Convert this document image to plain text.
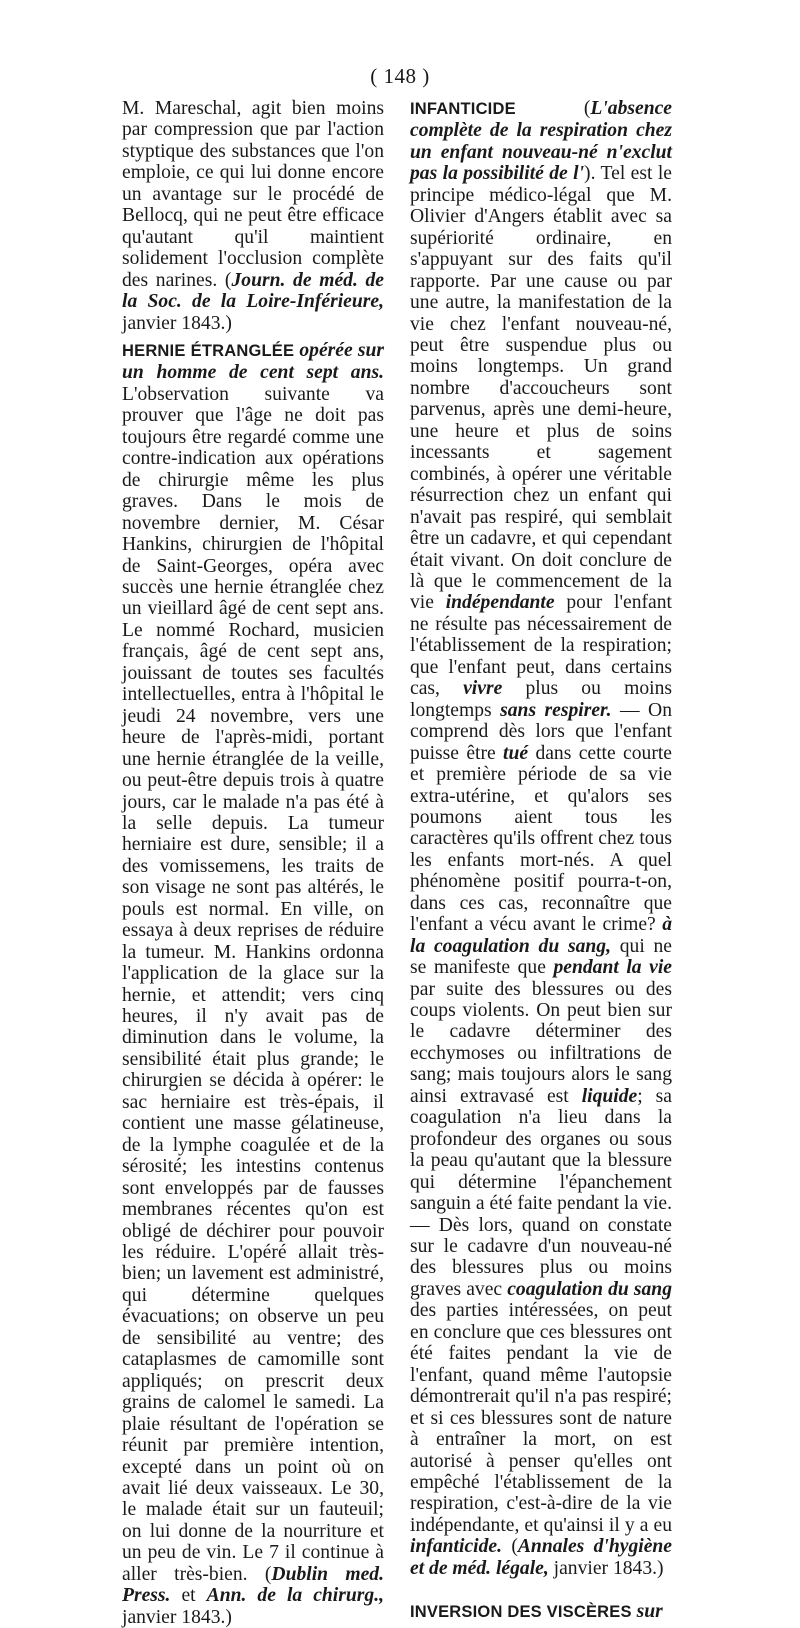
( 148 )

M. Mareschal, agit bien moins par compression que par l'action styptique des substances que l'on emploie, ce qui lui donne encore un avantage sur le procédé de Bellocq, qui ne peut être efficace qu'autant qu'il maintient solidement l'occlusion complète des narines. (Journ. de méd. de la Soc. de la Loire-Inférieure, janvier 1843.)

HERNIE ÉTRANGLÉE opérée sur un homme de cent sept ans. L'observation suivante va prouver que l'âge ne doit pas toujours être regardé comme une contre-indication aux opérations de chirurgie même les plus graves. Dans le mois de novembre dernier, M. César Hankins, chirurgien de l'hôpital de Saint-Georges, opéra avec succès une hernie étranglée chez un vieillard âgé de cent sept ans. Le nommé Rochard, musicien français, âgé de cent sept ans, jouissant de toutes ses facultés intellectuelles, entra à l'hôpital le jeudi 24 novembre, vers une heure de l'après-midi, portant une hernie étranglée de la veille, ou peut-être depuis trois à quatre jours, car le malade n'a pas été à la selle depuis. La tumeur herniaire est dure, sensible; il a des vomissemens, les traits de son visage ne sont pas altérés, le pouls est normal. En ville, on essaya à deux reprises de réduire la tumeur. M. Hankins ordonna l'application de la glace sur la hernie, et attendit; vers cinq heures, il n'y avait pas de diminution dans le volume, la sensibilité était plus grande; le chirurgien se décida à opérer: le sac herniaire est très-épais, il contient une masse gélatineuse, de la lymphe coagulée et de la sérosité; les intestins contenus sont enveloppés par de fausses membranes récentes qu'on est obligé de déchirer pour pouvoir les réduire. L'opéré allait très-bien; un lavement est administré, qui détermine quelques évacuations; on observe un peu de sensibilité au ventre; des cataplasmes de camomille sont appliqués; on prescrit deux grains de calomel le samedi. La plaie résultant de l'opération se réunit par première intention, excepté dans un point où on avait lié deux vaisseaux. Le 30, le malade était sur un fauteuil; on lui donne de la nourriture et un peu de vin. Le 7 il continue à aller très-bien. (Dublin med. Press. et Ann. de la chirurg., janvier 1843.)

INFANTICIDE (L'absence complète de la respiration chez un enfant nouveau-né n'exclut pas la possibilité de l'). Tel est le principe médico-légal que M. Olivier d'Angers établit avec sa supériorité ordinaire, en s'appuyant sur des faits qu'il rapporte. Par une cause ou par une autre, la manifestation de la vie chez l'enfant nouveau-né, peut être suspendue plus ou moins longtemps. Un grand nombre d'accoucheurs sont parvenus, après une demi-heure, une heure et plus de soins incessants et sagement combinés, à opérer une véritable résurrection chez un enfant qui n'avait pas respiré, qui semblait être un cadavre, et qui cependant était vivant. On doit conclure de là que le commencement de la vie indépendante pour l'enfant ne résulte pas nécessairement de l'établissement de la respiration; que l'enfant peut, dans certains cas, vivre plus ou moins longtemps sans respirer. — On comprend dès lors que l'enfant puisse être tué dans cette courte et première période de sa vie extra-utérine, et qu'alors ses poumons aient tous les caractères qu'ils offrent chez tous les enfants mort-nés. A quel phénomène positif pourra-t-on, dans ces cas, reconnaître que l'enfant a vécu avant le crime? à la coagulation du sang, qui ne se manifeste que pendant la vie par suite des blessures ou des coups violents. On peut bien sur le cadavre déterminer des ecchymoses ou infiltrations de sang; mais toujours alors le sang ainsi extravasé est liquide; sa coagulation n'a lieu dans la profondeur des organes ou sous la peau qu'autant que la blessure qui détermine l'épanchement sanguin a été faite pendant la vie. — Dès lors, quand on constate sur le cadavre d'un nouveau-né des blessures plus ou moins graves avec coagulation du sang des parties intéressées, on peut en conclure que ces blessures ont été faites pendant la vie de l'enfant, quand même l'autopsie démontrerait qu'il n'a pas respiré; et si ces blessures sont de nature à entraîner la mort, on est autorisé à penser qu'elles ont empêché l'établissement de la respiration, c'est-à-dire de la vie indépendante, et qu'ainsi il y a eu infanticide. (Annales d'hygiène et de méd. légale, janvier 1843.)

INVERSION DES VISCÈRES sur
